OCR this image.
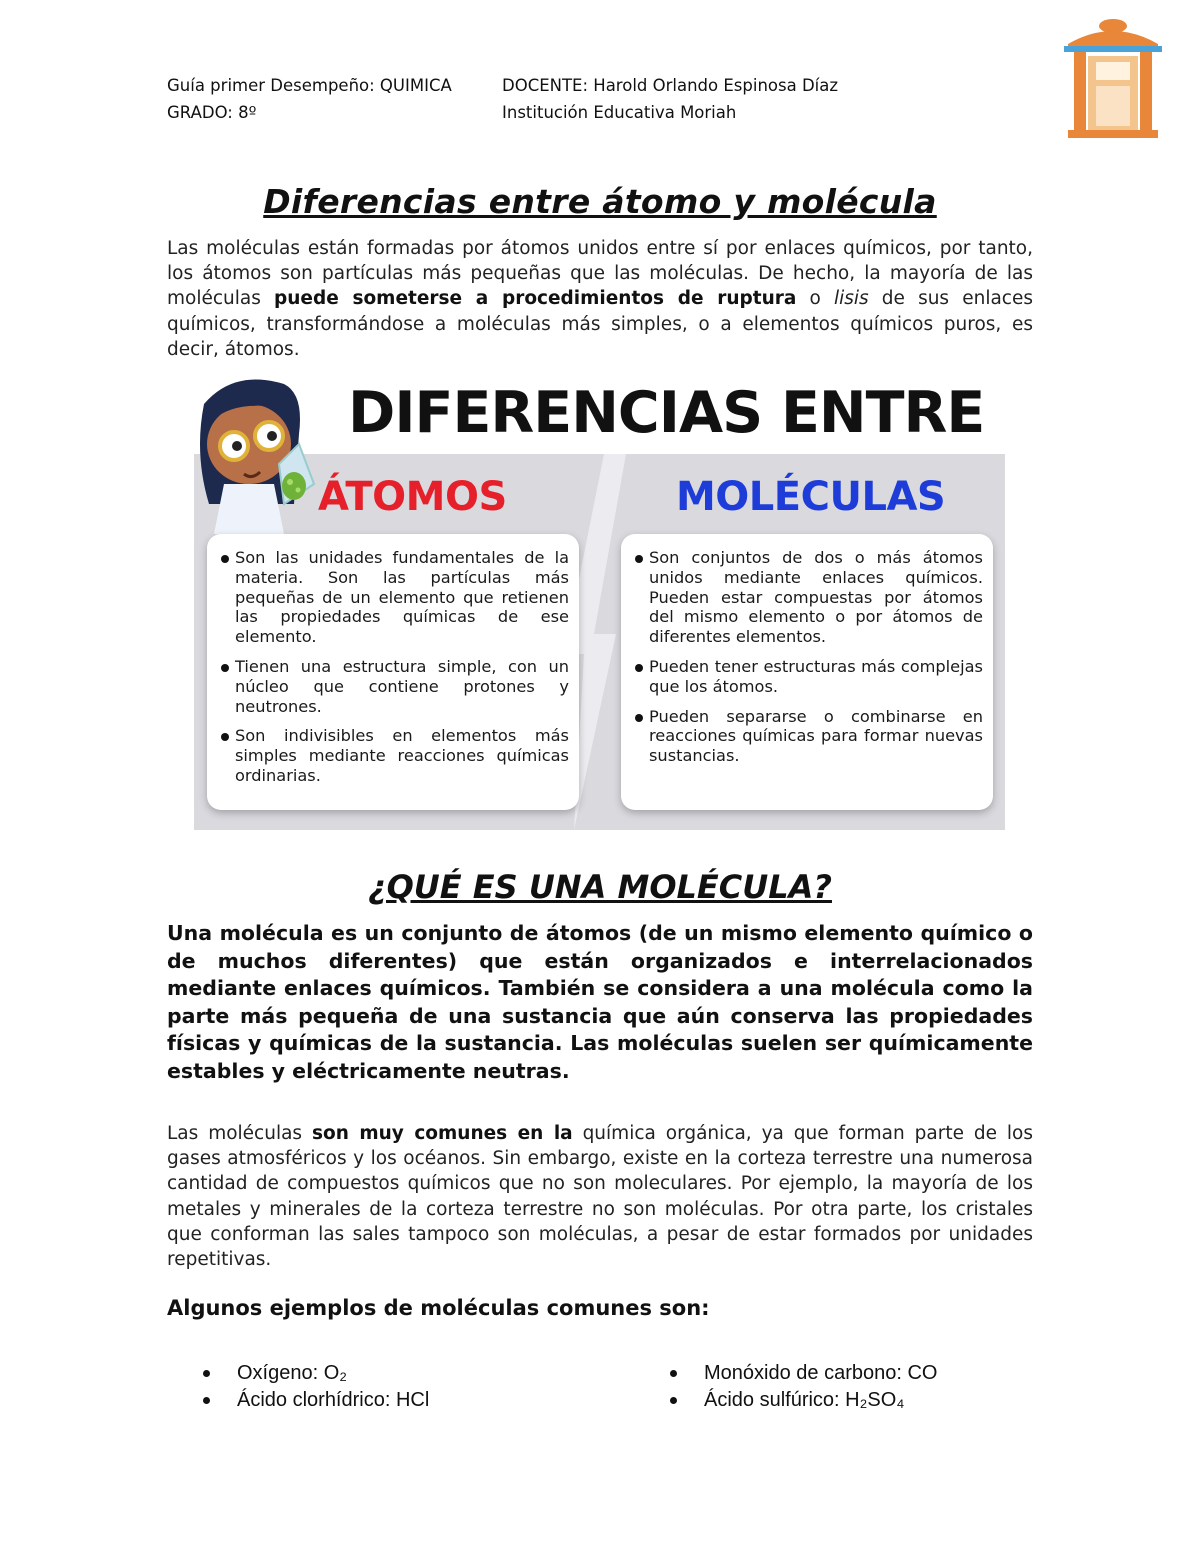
Guía primer Desempeño: QUIMICA
GRADO: 8º
DOCENTE: Harold Orlando Espinosa Díaz
Institución Educativa Moriah
Diferencias entre átomo y molécula
Las moléculas están formadas por átomos unidos entre sí por enlaces químicos, por tanto, los átomos son partículas más pequeñas que las moléculas. De hecho, la mayoría de las moléculas puede someterse a procedimientos de ruptura o lisis de sus enlaces químicos, transformándose a moléculas más simples, o a elementos químicos puros, es decir, átomos.
DIFERENCIAS ENTRE
ÁTOMOS	MOLÉCULAS
Son las unidades fundamentales de la materia. Son las partículas más pequeñas de un elemento que retienen las propiedades químicas de ese elemento.
Tienen una estructura simple, con un núcleo que contiene protones y neutrones.
Son indivisibles en elementos más simples mediante reacciones químicas ordinarias.
Son conjuntos de dos o más átomos unidos mediante enlaces químicos. Pueden estar compuestas por átomos del mismo elemento o por átomos de diferentes elementos.
Pueden tener estructuras más complejas que los átomos.
Pueden separarse o combinarse en reacciones químicas para formar nuevas sustancias.
¿QUÉ ES UNA MOLÉCULA?
Una molécula es un conjunto de átomos (de un mismo elemento químico o de muchos diferentes) que están organizados e interrelacionados mediante enlaces químicos. También se considera a una molécula como la parte más pequeña de una sustancia que aún conserva las propiedades físicas y químicas de la sustancia. Las moléculas suelen ser químicamente estables y eléctricamente neutras.
Las moléculas son muy comunes en la química orgánica, ya que forman parte de los gases atmosféricos y los océanos. Sin embargo, existe en la corteza terrestre una numerosa cantidad de compuestos químicos que no son moleculares. Por ejemplo, la mayoría de los metales y minerales de la corteza terrestre no son moléculas. Por otra parte, los cristales que conforman las sales tampoco son moléculas, a pesar de estar formados por unidades repetitivas.
Algunos ejemplos de moléculas comunes son:
Oxígeno: O₂
Ácido clorhídrico: HCl
Monóxido de carbono: CO
Ácido sulfúrico: H₂SO₄
